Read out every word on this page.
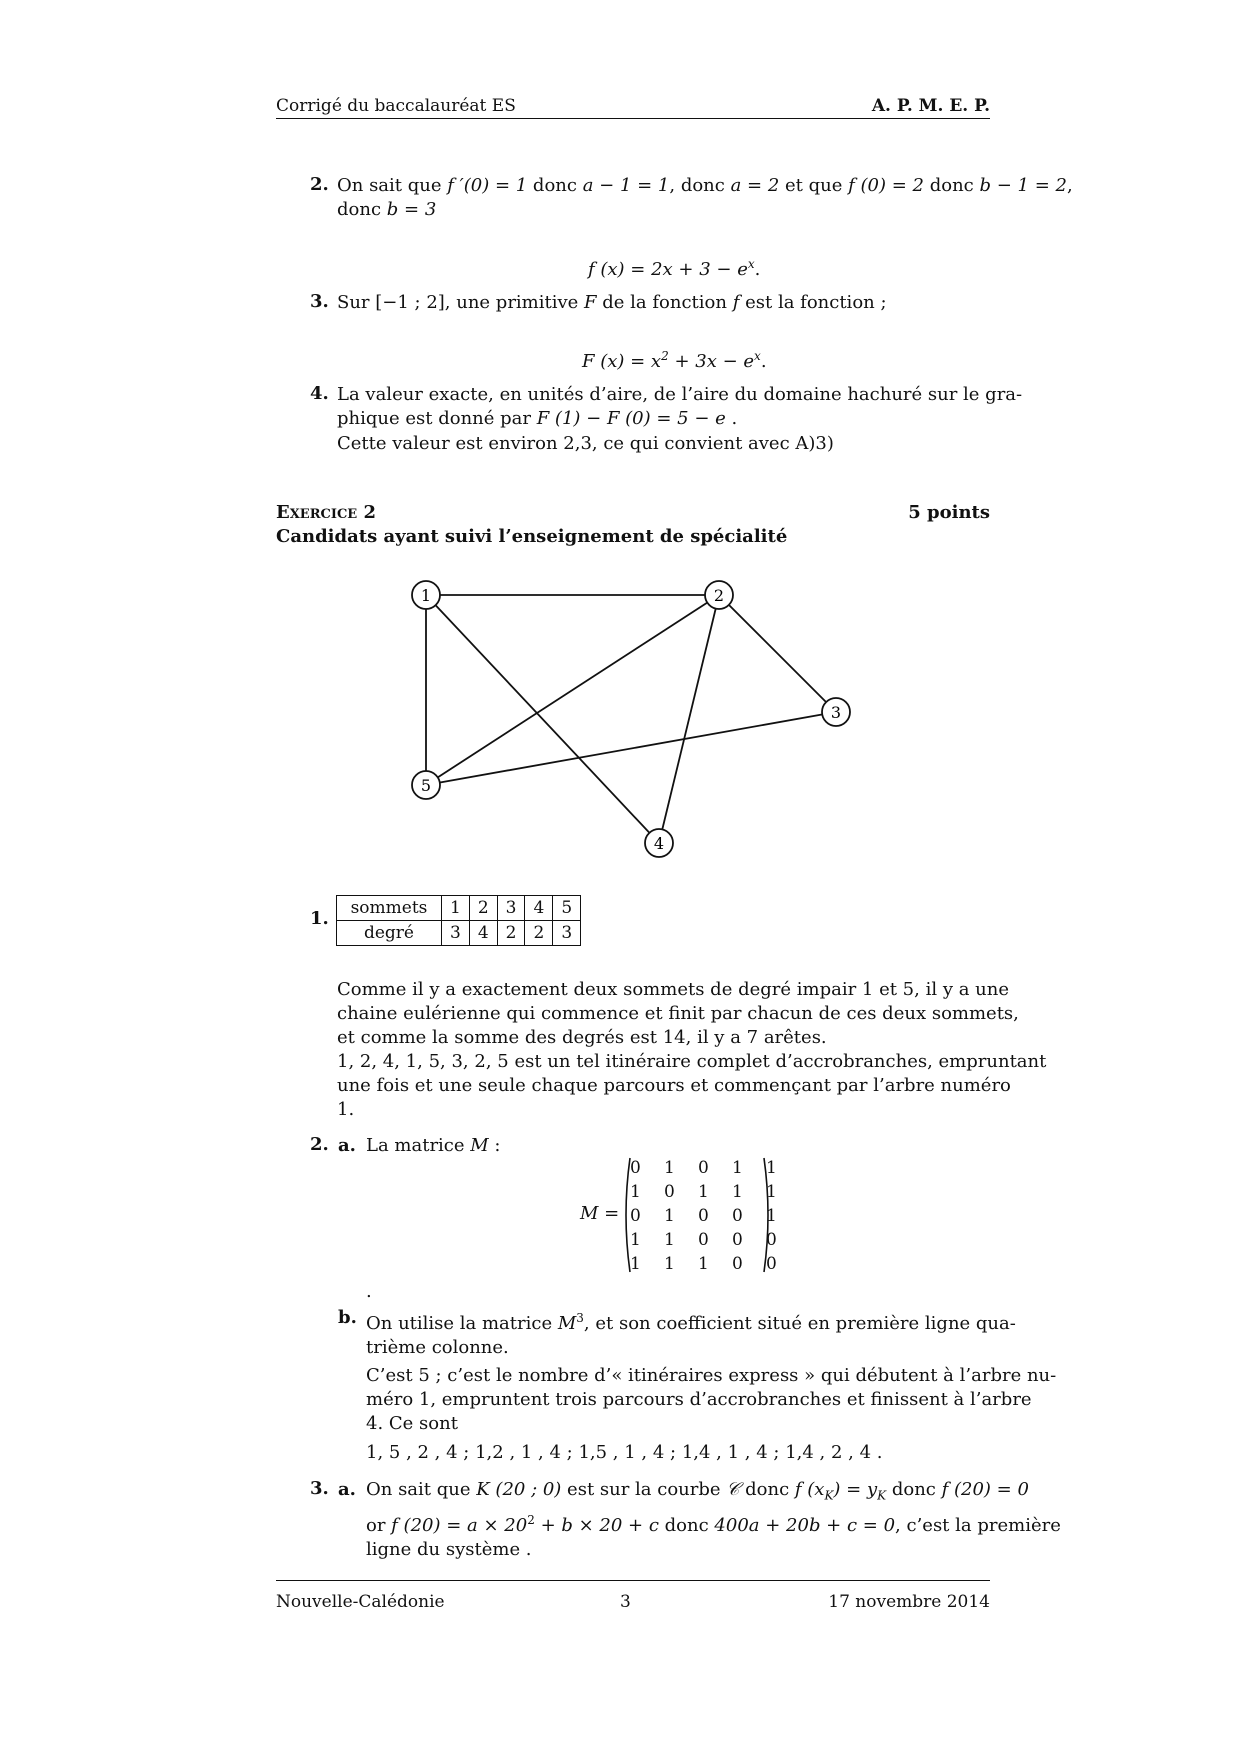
Corrigé du baccalauréat ES	A. P. M. E. P.
2. On sait que f ′(0) = 1 donc a − 1 = 1, donc a = 2 et que f (0) = 2 donc b − 1 = 2,
donc b = 3
f $(x) = 2x + 3 - e^x$.
3. Sur [−1 ; 2], une primitive F de la fonction f est la fonction ;
F $(x) = x^2 + 3x - e^x$.
4. La valeur exacte, en unités d’aire, de l’aire du domaine hachuré sur le gra-
phique est donné par F (1) − F (0) = 5 − e .
Cette valeur est environ 2,3, ce qui convient avec A)3)
Exercice 2	5 points
Candidats ayant suivi l’enseignement de spécialité
1	2
3
4
5
1. sommets	1	2	3	4	5
degré	3	4	2	2	3
Comme il y a exactement deux sommets de degré impair 1 et 5, il y a une
chaine eulérienne qui commence et finit par chacun de ces deux sommets,
et comme la somme des degrés est 14, il y a 7 arêtes.
1, 2, 4, 1, 5, 3, 2, 5 est un tel itinéraire complet d’accrobranches, empruntant
une fois et une seule chaque parcours et commençant par l’arbre numéro
1.
2. a. La matrice M :
M =
0	1	0	1	1
1	0	1	1	1
0	1	0	0	1
1	1	0	0	0
1	1	1	0	0
.
b. On utilise la matrice $M^3$, et son coefficient situé en première ligne qua-
trième colonne.
C’est 5 ; c’est le nombre d’« itinéraires express » qui débutent à l’arbre nu-
méro 1, empruntent trois parcours d’accrobranches et finissent à l’arbre
4. Ce sont
1, 5 , 2 , 4 ; 1,2 , 1 , 4 ; 1,5 , 1 , 4 ; 1,4 , 1 , 4 ; 1,4 , 2 , 4 .
3. a. On sait que K (20 ; 0) est sur la courbe 𝒞 donc f $(x_K) = y_K$ donc f (20) = 0
or f $(20) = a \times 20^2 + b \times 20 + c$ donc 400a + 20b + c = 0, c’est la première
ligne du système .
Nouvelle-Calédonie	3	17 novembre 2014
